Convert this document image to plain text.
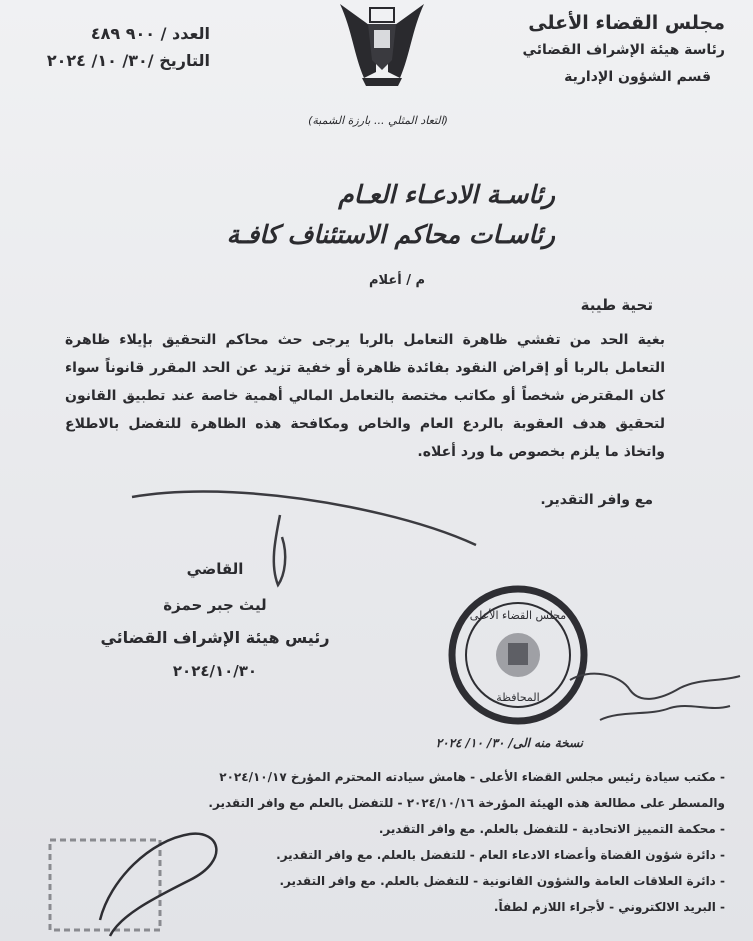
مجلس القضاء الأعلى
رئاسة هيئة الإشراف القضائي
قسم الشؤون الإدارية
(التعاد المثلي ... بارزة الشمبة)
العدد / ٩٠٠ ٤٨٩
التاريخ /٣٠/ ١٠/ ٢٠٢٤
رئاسـة الادعـاء العـام
رئاسـات محاكم الاستئناف كافـة
م / أعلام
تحية طيبة
بغية الحد من تفشي ظاهرة التعامل بالربا يرجى حث محاكم التحقيق بإيلاء ظاهرة التعامل بالربا أو إقراض النقود بفائدة ظاهرة أو خفية تزيد عن الحد المقرر قانوناً سواء كان المقترض شخصاً أو مكاتب مختصة بالتعامل المالي أهمية خاصة عند تطبيق القانون لتحقيق هدف العقوبة بالردع العام والخاص ومكافحة هذه الظاهرة للتفضل بالاطلاع واتخاذ ما يلزم بخصوص ما ورد أعلاه.
مع وافر التقدير.
القاضي
ليث جبر حمزة
رئيس هيئة الإشراف القضائي
٢٠٢٤/١٠/٣٠
مجلس القضاء الأعلى
المحافظة
نسخة منه الى/ ٣٠/ ١٠/ ٢٠٢٤
- مكتب سيادة رئيس مجلس القضاء الأعلى - هامش سيادته المحترم المؤرخ ٢٠٢٤/١٠/١٧
والمسطر على مطالعة هذه الهيئة المؤرخة ٢٠٢٤/١٠/١٦ - للتفضل بالعلم مع وافر التقدير.
- محكمة التمييز الاتحادية - للتفضل بالعلم. مع وافر التقدير.
- دائرة شؤون القضاة وأعضاء الادعاء العام - للتفضل بالعلم. مع وافر التقدير.
- دائرة العلاقات العامة والشؤون القانونية - للتفضل بالعلم. مع وافر التقدير.
- البريد الالكتروني - لأجراء اللازم لطفاً.
